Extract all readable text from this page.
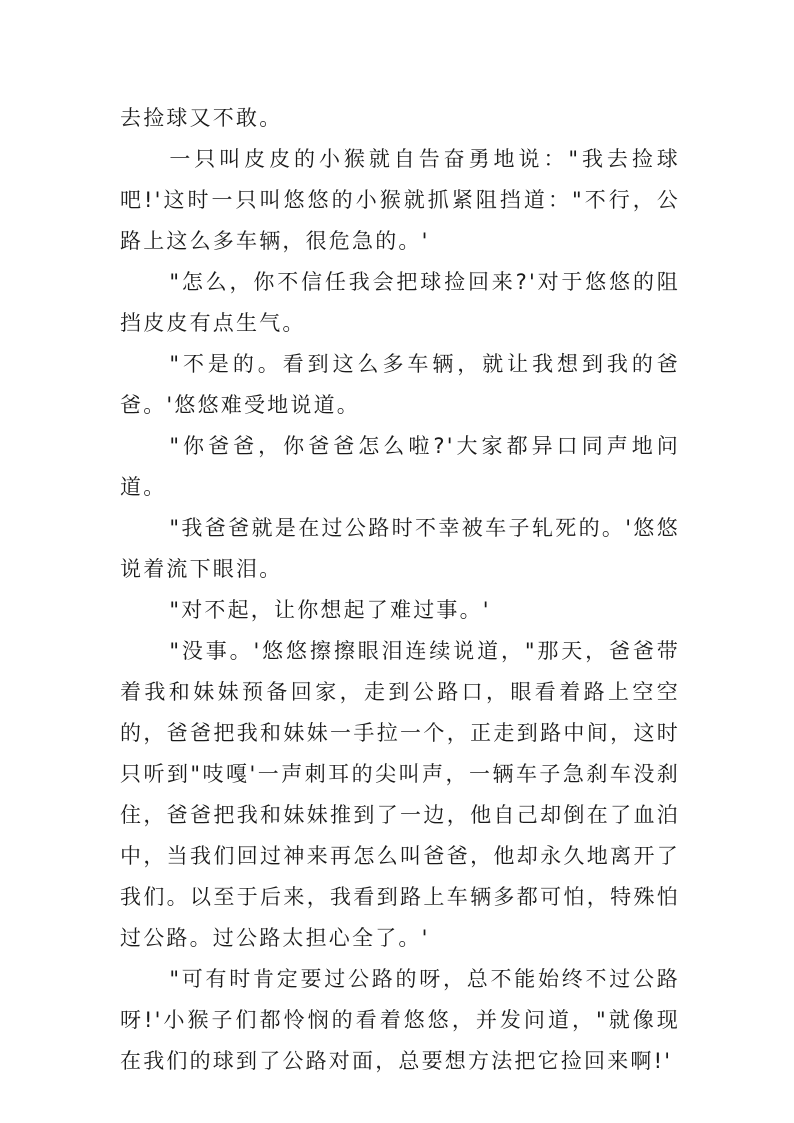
去捡球又不敢。

一只叫皮皮的小猴就自告奋勇地说："我去捡球吧!'这时一只叫悠悠的小猴就抓紧阻挡道："不行，公路上这么多车辆，很危急的。'

"怎么，你不信任我会把球捡回来?'对于悠悠的阻挡皮皮有点生气。

"不是的。看到这么多车辆，就让我想到我的爸爸。'悠悠难受地说道。

"你爸爸，你爸爸怎么啦?'大家都异口同声地问道。

"我爸爸就是在过公路时不幸被车子轧死的。'悠悠说着流下眼泪。

"对不起，让你想起了难过事。'

"没事。'悠悠擦擦眼泪连续说道，"那天，爸爸带着我和妹妹预备回家，走到公路口，眼看着路上空空的，爸爸把我和妹妹一手拉一个，正走到路中间，这时只听到"吱嘎'一声刺耳的尖叫声，一辆车子急刹车没刹住，爸爸把我和妹妹推到了一边，他自己却倒在了血泊中，当我们回过神来再怎么叫爸爸，他却永久地离开了我们。以至于后来，我看到路上车辆多都可怕，特殊怕过公路。过公路太担心全了。'

"可有时肯定要过公路的呀，总不能始终不过公路呀!'小猴子们都怜悯的看着悠悠，并发问道，"就像现在我们的球到了公路对面，总要想方法把它捡回来啊!'
